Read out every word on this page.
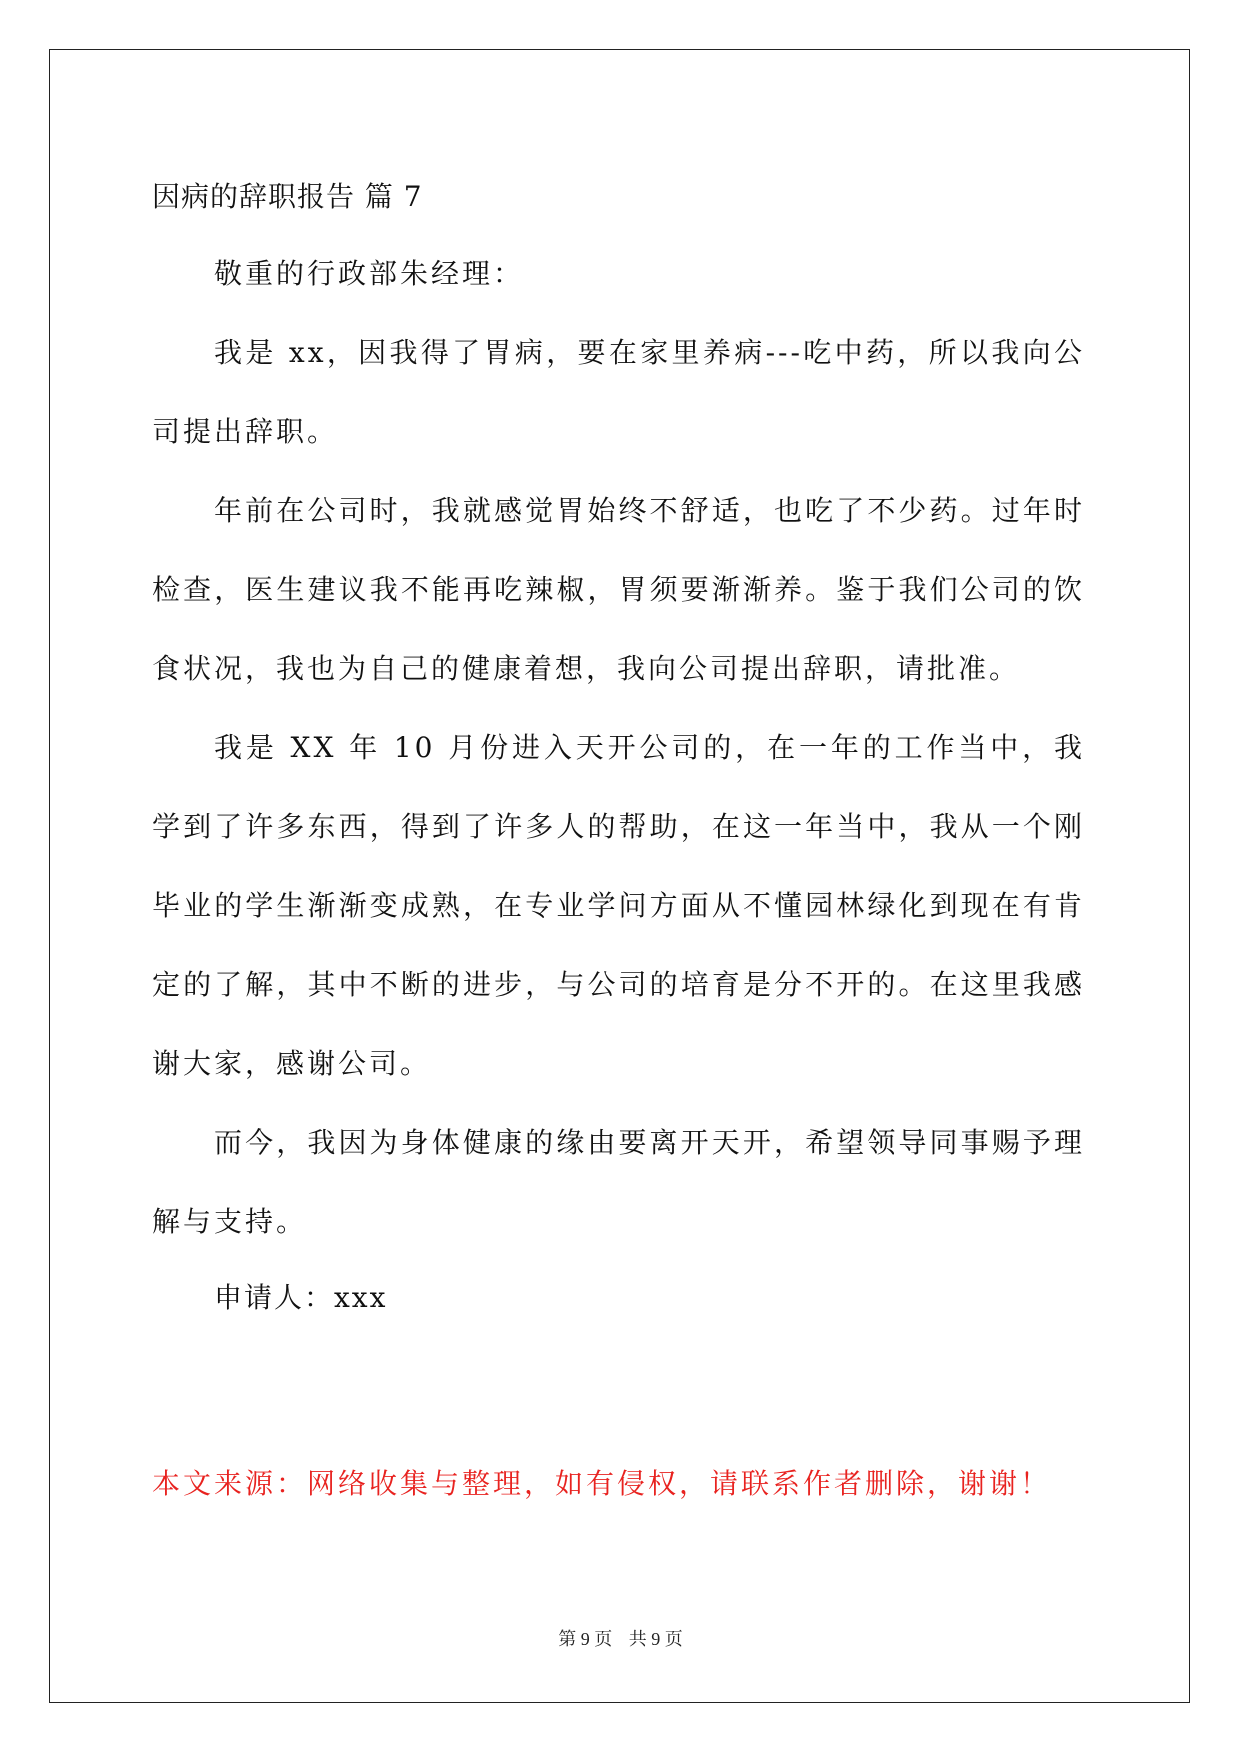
因病的辞职报告 篇 7

敬重的行政部朱经理：

我是 xx，因我得了胃病，要在家里养病---吃中药，所以我向公司提出辞职。

年前在公司时，我就感觉胃始终不舒适，也吃了不少药。过年时检查，医生建议我不能再吃辣椒，胃须要渐渐养。鉴于我们公司的饮食状况，我也为自己的健康着想，我向公司提出辞职，请批准。

我是 XX 年 10 月份进入天开公司的，在一年的工作当中，我学到了许多东西，得到了许多人的帮助，在这一年当中，我从一个刚毕业的学生渐渐变成熟，在专业学问方面从不懂园林绿化到现在有肯定的了解，其中不断的进步，与公司的培育是分不开的。在这里我感谢大家，感谢公司。

而今，我因为身体健康的缘由要离开天开，希望领导同事赐予理解与支持。

申请人：xxx

本文来源：网络收集与整理，如有侵权，请联系作者删除，谢谢！

第 9 页 共 9 页
